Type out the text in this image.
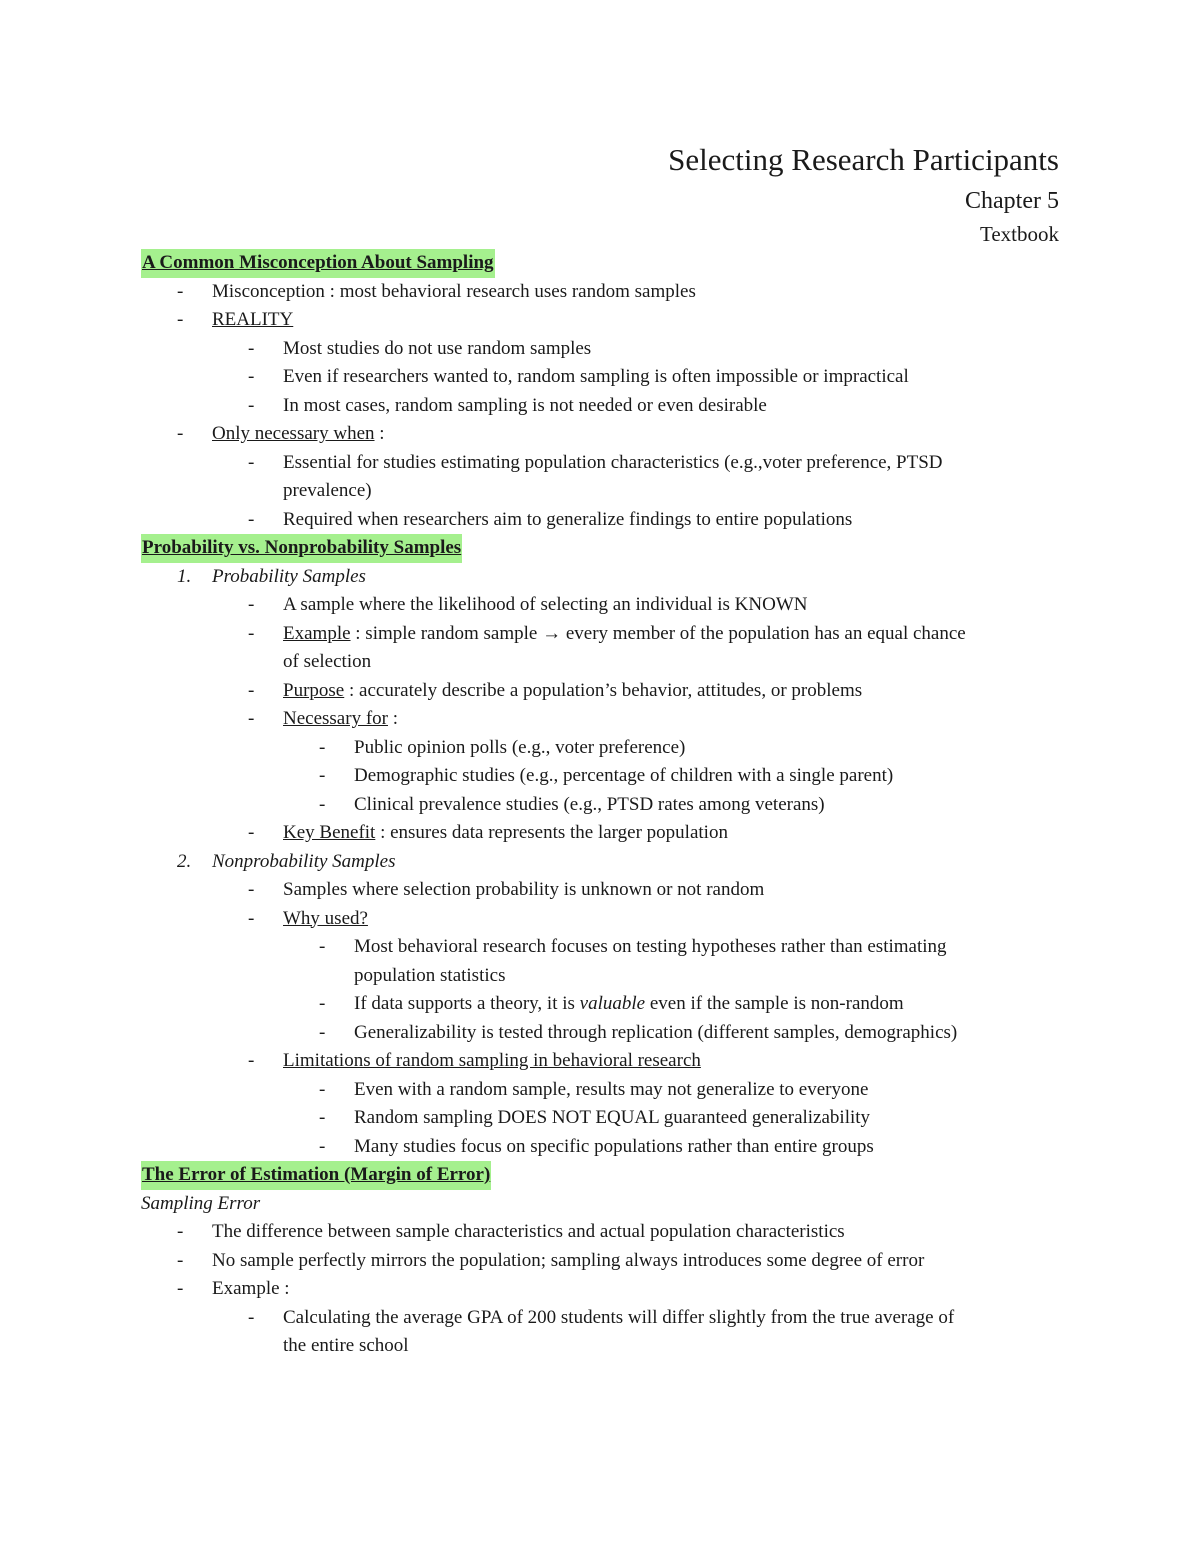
Selecting Research Participants
Chapter 5
Textbook
A Common Misconception About Sampling

- Misconception : most behavioral research uses random samples

- REALITY

- Most studies do not use random samples

- Even if researchers wanted to, random sampling is often impossible or impractical

- In most cases, random sampling is not needed or even desirable

- Only necessary when :

- Essential for studies estimating population characteristics (e.g.,voter preference, PTSD

prevalence)

- Required when researchers aim to generalize findings to entire populations

Probability vs. Nonprobability Samples

1. Probability Samples

- A sample where the likelihood of selecting an individual is KNOWN

- Example : simple random sample → every member of the population has an equal chance

of selection

- Purpose : accurately describe a population’s behavior, attitudes, or problems

- Necessary for :

- Public opinion polls (e.g., voter preference)

- Demographic studies (e.g., percentage of children with a single parent)

- Clinical prevalence studies (e.g., PTSD rates among veterans)

- Key Benefit : ensures data represents the larger population

2. Nonprobability Samples

- Samples where selection probability is unknown or not random

- Why used?

- Most behavioral research focuses on testing hypotheses rather than estimating

population statistics

- If data supports a theory, it is valuable even if the sample is non-random

- Generalizability is tested through replication (different samples, demographics)

- Limitations of random sampling in behavioral research

- Even with a random sample, results may not generalize to everyone

- Random sampling DOES NOT EQUAL guaranteed generalizability

- Many studies focus on specific populations rather than entire groups

The Error of Estimation (Margin of Error)

Sampling Error

- The difference between sample characteristics and actual population characteristics

- No sample perfectly mirrors the population; sampling always introduces some degree of error

- Example :

- Calculating the average GPA of 200 students will differ slightly from the true average of

the entire school
